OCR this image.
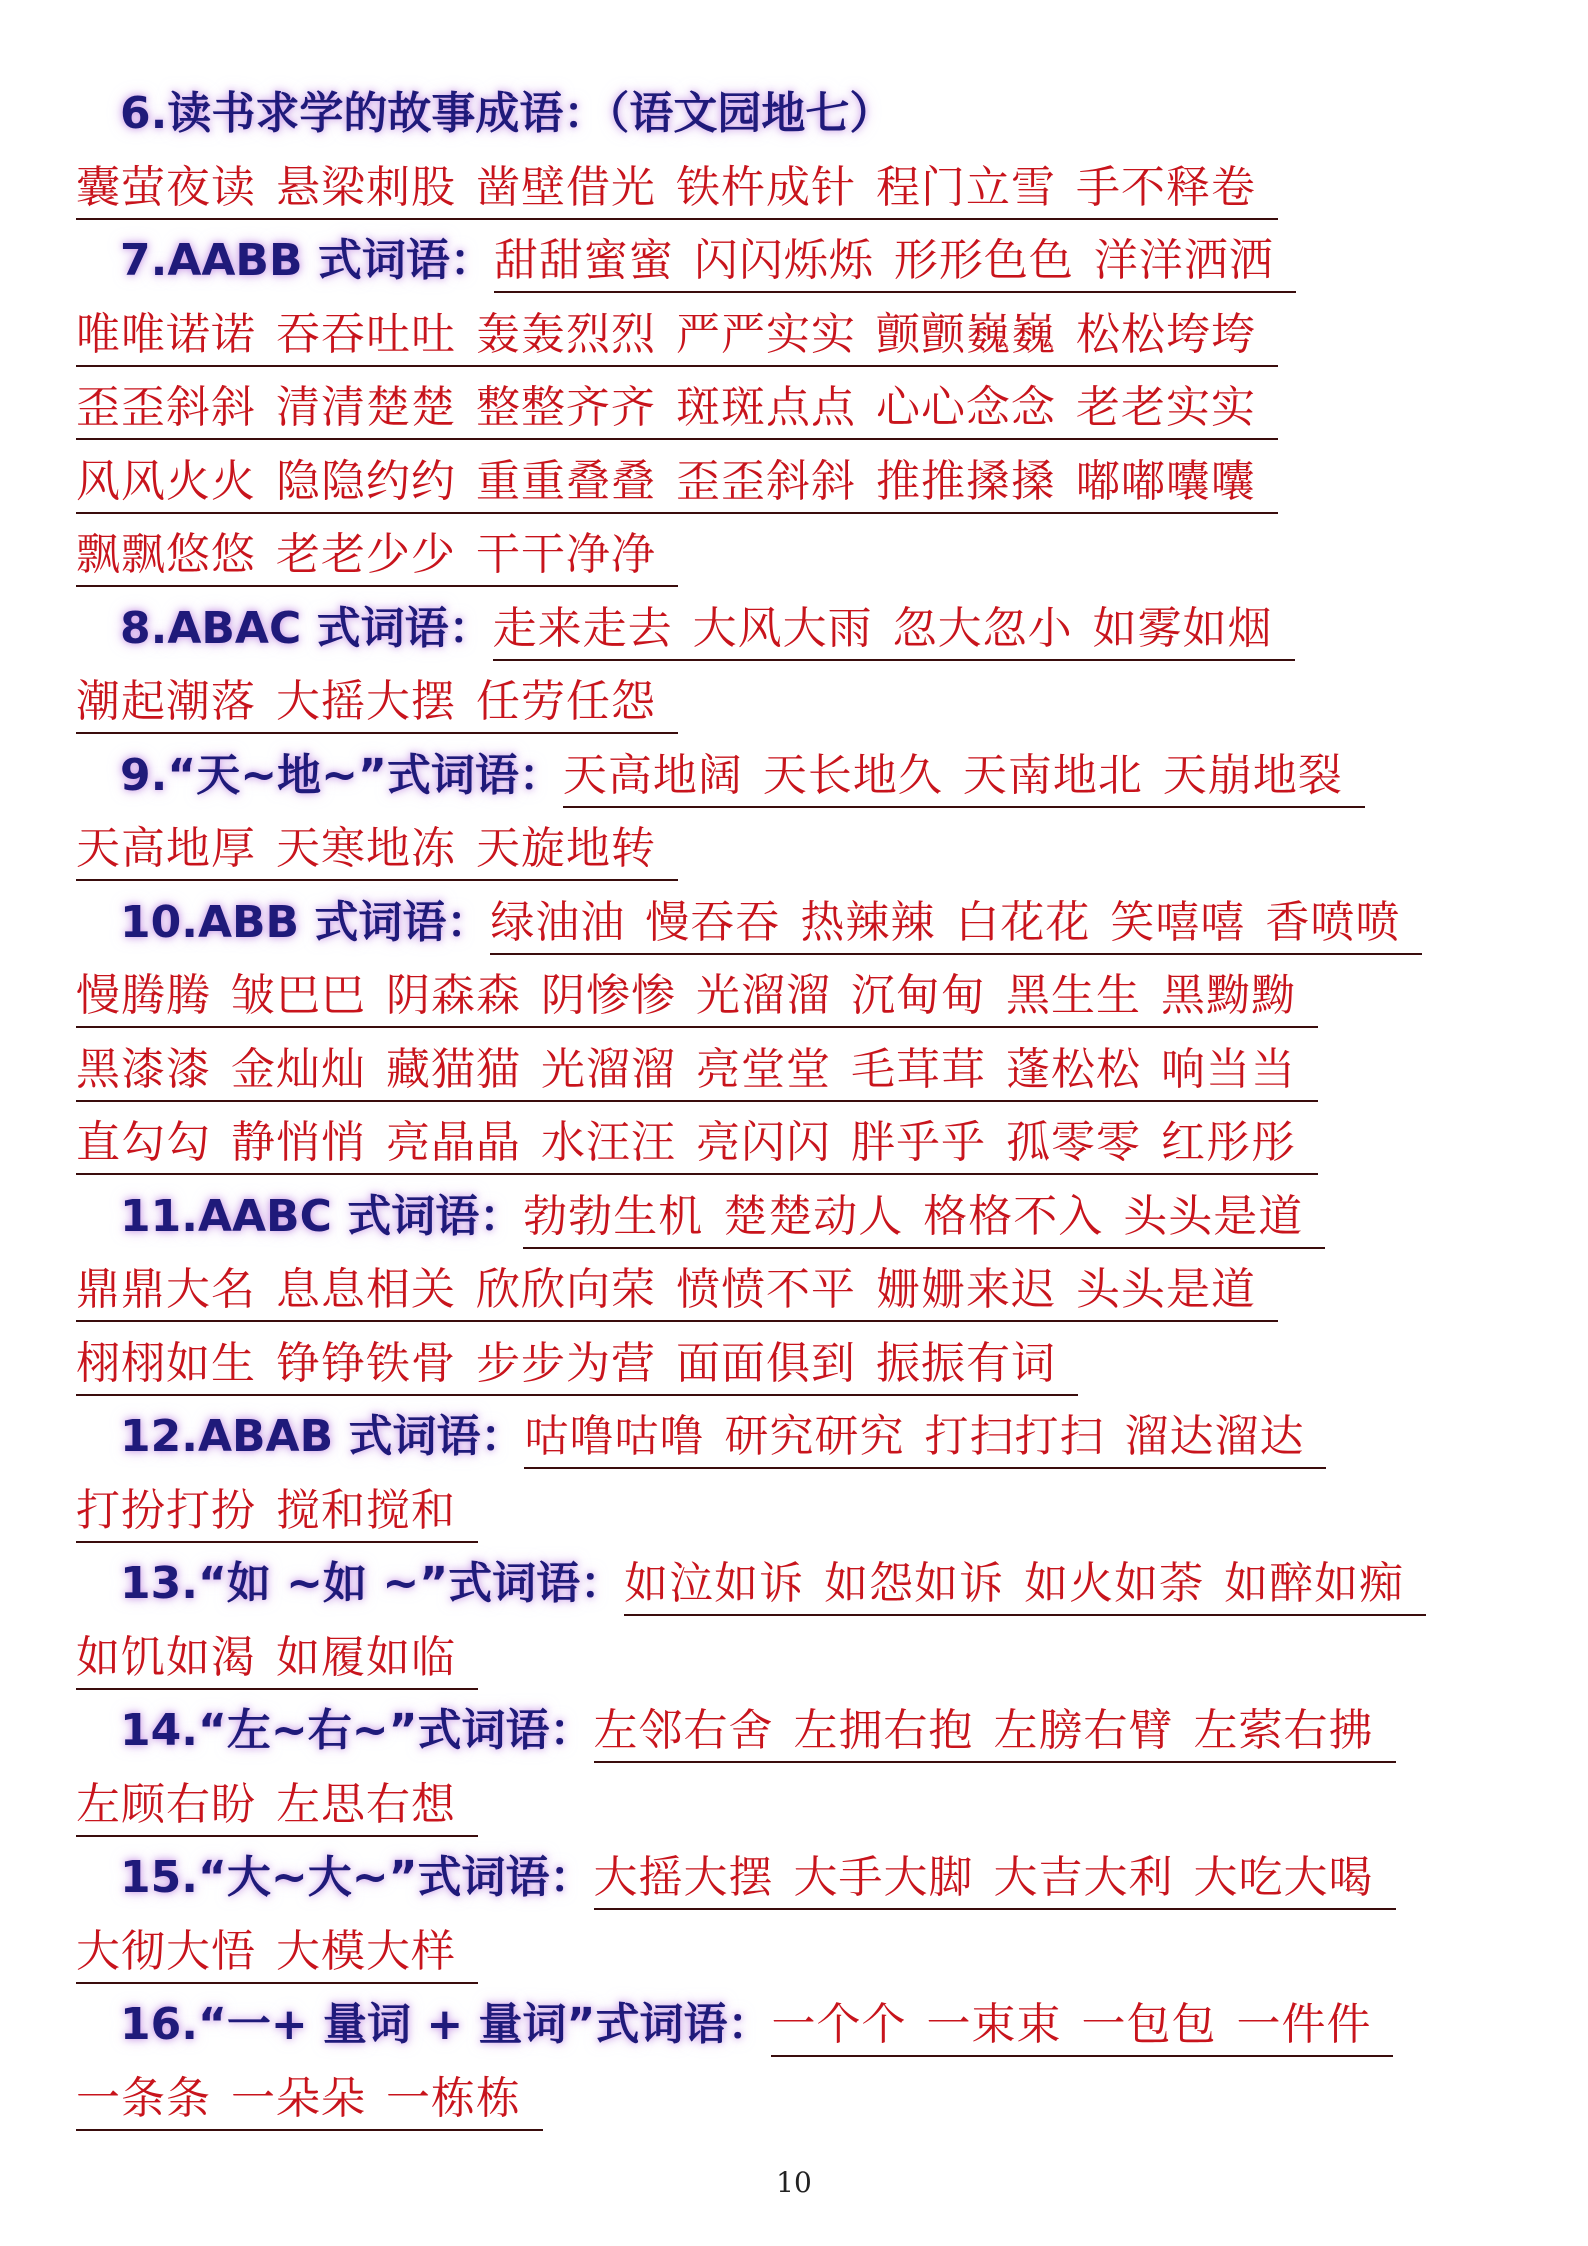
6.读书求学的故事成语：（语文园地七）
囊萤夜读 悬梁刺股 凿壁借光 铁杵成针 程门立雪 手不释卷
7.AABB 式词语： 甜甜蜜蜜 闪闪烁烁 形形色色 洋洋洒洒
唯唯诺诺 吞吞吐吐 轰轰烈烈 严严实实 颤颤巍巍 松松垮垮
歪歪斜斜 清清楚楚 整整齐齐 斑斑点点 心心念念 老老实实
风风火火 隐隐约约 重重叠叠 歪歪斜斜 推推搡搡 嘟嘟囔囔
飘飘悠悠 老老少少 干干净净
8.ABAC 式词语： 走来走去 大风大雨 忽大忽小 如雾如烟
潮起潮落 大摇大摆 任劳任怨
9.“天~地~”式词语： 天高地阔 天长地久 天南地北 天崩地裂
天高地厚 天寒地冻 天旋地转
10.ABB 式词语： 绿油油 慢吞吞 热辣辣 白花花 笑嘻嘻 香喷喷
慢腾腾 皱巴巴 阴森森 阴惨惨 光溜溜 沉甸甸 黑生生 黑黝黝
黑漆漆 金灿灿 藏猫猫 光溜溜 亮堂堂 毛茸茸 蓬松松 响当当
直勾勾 静悄悄 亮晶晶 水汪汪 亮闪闪 胖乎乎 孤零零 红彤彤
11.AABC 式词语： 勃勃生机 楚楚动人 格格不入 头头是道
鼎鼎大名 息息相关 欣欣向荣 愤愤不平 姗姗来迟 头头是道
栩栩如生 铮铮铁骨 步步为营 面面俱到 振振有词
12.ABAB 式词语： 咕噜咕噜 研究研究 打扫打扫 溜达溜达
打扮打扮 搅和搅和
13.“如 ~如 ~”式词语： 如泣如诉 如怨如诉 如火如荼 如醉如痴
如饥如渴 如履如临
14.“左~右~”式词语： 左邻右舍 左拥右抱 左膀右臂 左萦右拂
左顾右盼 左思右想
15.“大~大~”式词语： 大摇大摆 大手大脚 大吉大利 大吃大喝
大彻大悟 大模大样
16.“一+ 量词 + 量词”式词语： 一个个 一束束 一包包 一件件
一条条 一朵朵 一栋栋
10
